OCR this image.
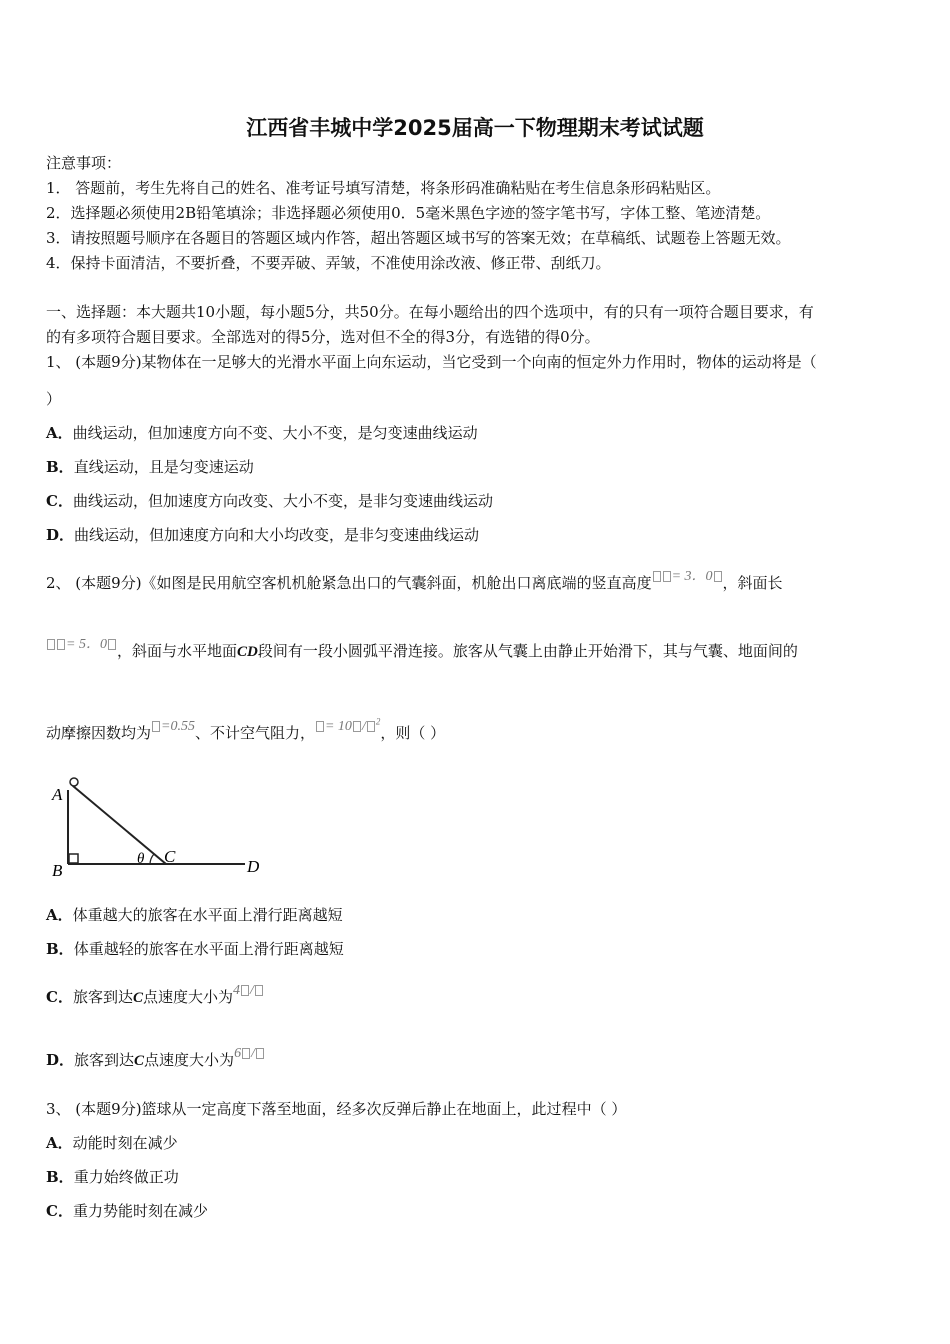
江西省丰城中学2025届高一下物理期末考试试题
注意事项：
1． 答题前，考生先将自己的姓名、准考证号填写清楚，将条形码准确粘贴在考生信息条形码粘贴区。
2．选择题必须使用2B铅笔填涂；非选择题必须使用0．5毫米黑色字迹的签字笔书写，字体工整、笔迹清楚。
3．请按照题号顺序在各题目的答题区域内作答，超出答题区域书写的答案无效；在草稿纸、试题卷上答题无效。
4．保持卡面清洁，不要折叠，不要弄破、弄皱，不准使用涂改液、修正带、刮纸刀。
一、选择题：本大题共10小题，每小题5分，共50分。在每小题给出的四个选项中，有的只有一项符合题目要求，有
的有多项符合题目要求。全部选对的得5分，选对但不全的得3分，有选错的得0分。
1、 (本题9分)某物体在一足够大的光滑水平面上向东运动，当它受到一个向南的恒定外力作用时，物体的运动将是（
）
A．曲线运动，但加速度方向不变、大小不变，是匀变速曲线运动
B．直线运动，且是匀变速运动
C．曲线运动，但加速度方向改变、大小不变，是非匀变速曲线运动
D．曲线运动，但加速度方向和大小均改变，是非匀变速曲线运动
2、 (本题9分)《如图是民用航空客机机舱紧急出口的气囊斜面，机舱出口离底端的竖直高度 = 3．0 ，斜面长
= 5．0 ，斜面与水平地面CD段间有一段小圆弧平滑连接。旅客从气囊上由静止开始滑下，其与气囊、地面间的
动摩擦因数均为 =0.55、不计空气阻力， = 10 / $^2$，则（ ）
A
B
C
D
θ
A．体重越大的旅客在水平面上滑行距离越短
B．体重越轻的旅客在水平面上滑行距离越短
C．旅客到达C点速度大小为4 /
D．旅客到达C点速度大小为6 /
3、 (本题9分)篮球从一定高度下落至地面，经多次反弹后静止在地面上，此过程中（ ）
A．动能时刻在减少
B．重力始终做正功
C．重力势能时刻在减少
